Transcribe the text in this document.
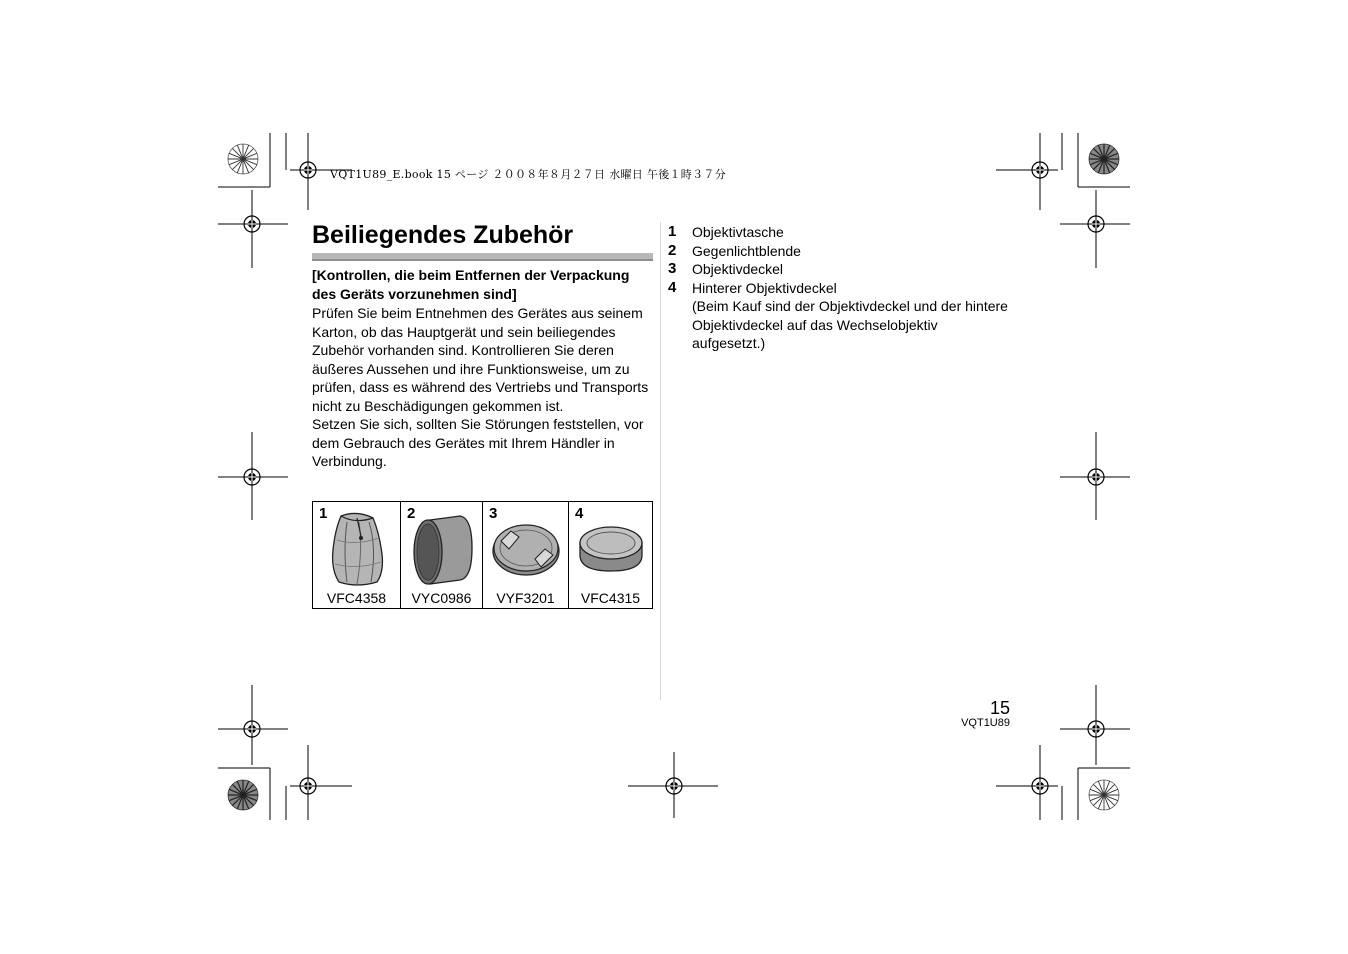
VQT1U89_E.book 15 ページ ２００８年８月２７日 水曜日 午後１時３７分
Beiliegendes Zubehör
[Kontrollen, die beim Entfernen der Verpackung des Geräts vorzunehmen sind]

Prüfen Sie beim Entnehmen des Gerätes aus seinem Karton, ob das Hauptgerät und sein beiliegendes Zubehör vorhanden sind. Kontrollieren Sie deren äußeres Aussehen und ihre Funktionsweise, um zu prüfen, dass es während des Vertriebs und Transports nicht zu Beschädigungen gekommen ist.

Setzen Sie sich, sollten Sie Störungen feststellen, vor dem Gebrauch des Gerätes mit Ihrem Händler in Verbindung.

1
VFC4358
2
VYC0986
3
VYF3201
4
VFC4315
1 Objektivtasche
2 Gegenlichtblende
3 Objektivdeckel
4 Hinterer Objektivdeckel
(Beim Kauf sind der Objektivdeckel und der hintere Objektivdeckel auf das Wechselobjektiv aufgesetzt.)
15
VQT1U89
